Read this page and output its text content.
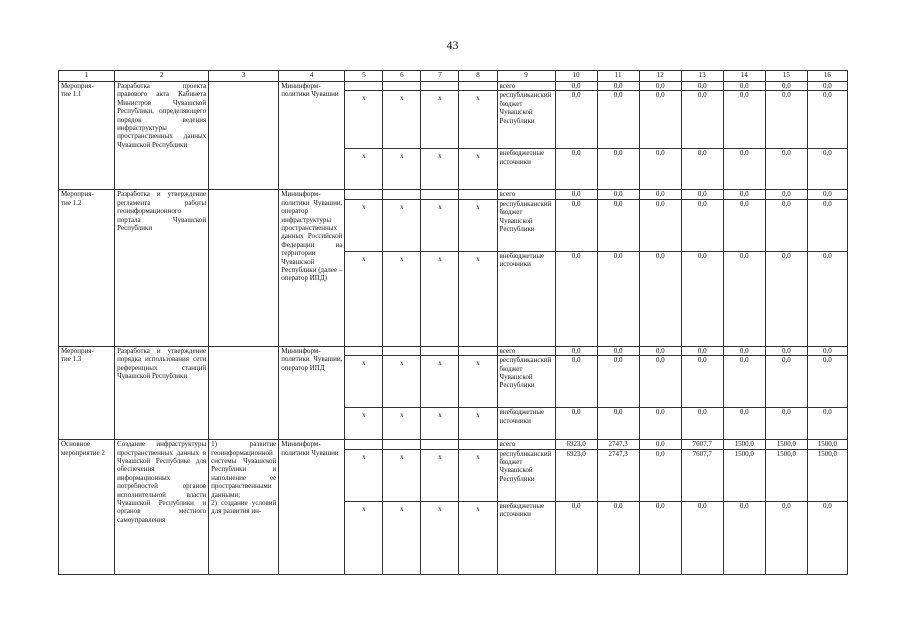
43
1	2	3	4	5	6	7	8	9	10	11	12	13	14	15	16
Мероприя-
тие 1.1	Разработка проекта правового акта Кабинета Министров Чувашской Республики, определяющего порядок ведения инфраструктуры пространственных данных Чувашской Республики		Мининформ-
политики Чувашии					всего	0,0	0,0	0,0	0,0	0,0	0,0	0,0
				х	х	х	х	республиканский бюджет Чувашской Республики	0,0	0,0	0,0	0,0	0,0	0,0	0,0
				х	х	х	х	внебюджетные источники	0,0	0,0	0,0	0,0	0,0	0,0	0,0
Мероприя-
тие 1.2	Разработка и утверждение регламента работы геоинформационного портала Чувашской Республики		Мининформ-
политики Чувашии, оператор инфраструктуры пространственных данных Российской Федерации на территории Чувашской Республики (далее – оператор ИПД)					всего	0,0	0,0	0,0	0,0	0,0	0,0	0,0
				х	х	х	х	республиканский бюджет Чувашской Республики	0,0	0,0	0,0	0,0	0,0	0,0	0,0
				х	х	х	х	внебюджетные источники	0,0	0,0	0,0	0,0	0,0	0,0	0,0
Мероприя-
тие 1.3	Разработка и утверждение порядка использования сети референцных станций Чувашской Республики		Мининформ-
политики Чувашии, оператор ИПД					всего	0,0	0,0	0,0	0,0	0,0	0,0	0,0
				х	х	х	х	республиканский бюджет Чувашской Республики	0,0	0,0	0,0	0,0	0,0	0,0	0,0
				х	х	х	х	внебюджетные источники	0,0	0,0	0,0	0,0	0,0	0,0	0,0
Основное мероприятие 2	Создание инфраструктуры пространственных данных в Чувашской Республике для обеспечения информационных потребностей органов исполнительной власти Чувашской Республики и органов местного самоуправления	1) развитие геоинформационной системы Чувашской Республики и наполнение ее пространственными данными;
2) создание условий для развития ин-	Мининформ-
политики Чувашии					всего	6923,0	2747,3	0,0	7607,7	1500,0	1500,0	1500,0
				х	х	х	х	республиканский бюджет Чувашской Республики	6923,0	2747,3	0,0	7607,7	1500,0	1500,0	1500,0
				х	х	х	х	внебюджетные источники	0,0	0,0	0,0	0,0	0,0	0,0	0,0
